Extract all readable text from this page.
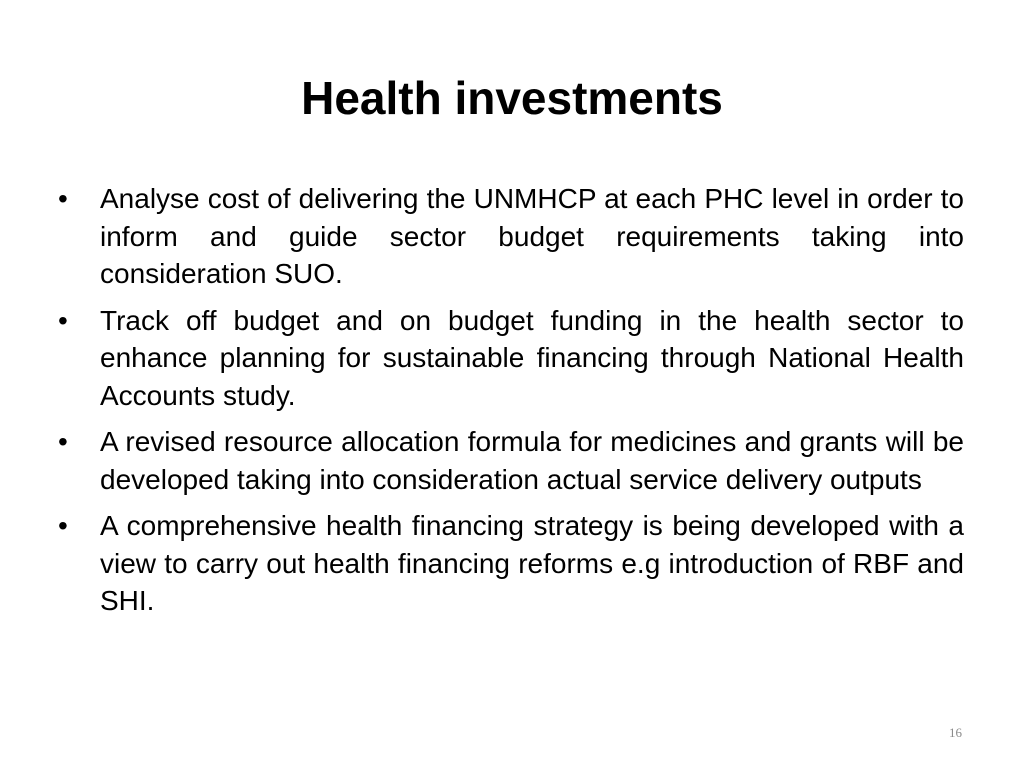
Health investments
• Analyse cost of delivering the UNMHCP at each PHC level in order to inform and guide sector budget requirements taking into consideration SUO.
• Track off budget and on budget funding in the health sector to enhance planning for sustainable financing through National Health Accounts study.
• A revised resource allocation formula for medicines and grants will be developed taking into consideration actual service delivery outputs
• A comprehensive health financing strategy is being developed with a view to carry out health financing reforms e.g introduction of RBF and SHI.
16
